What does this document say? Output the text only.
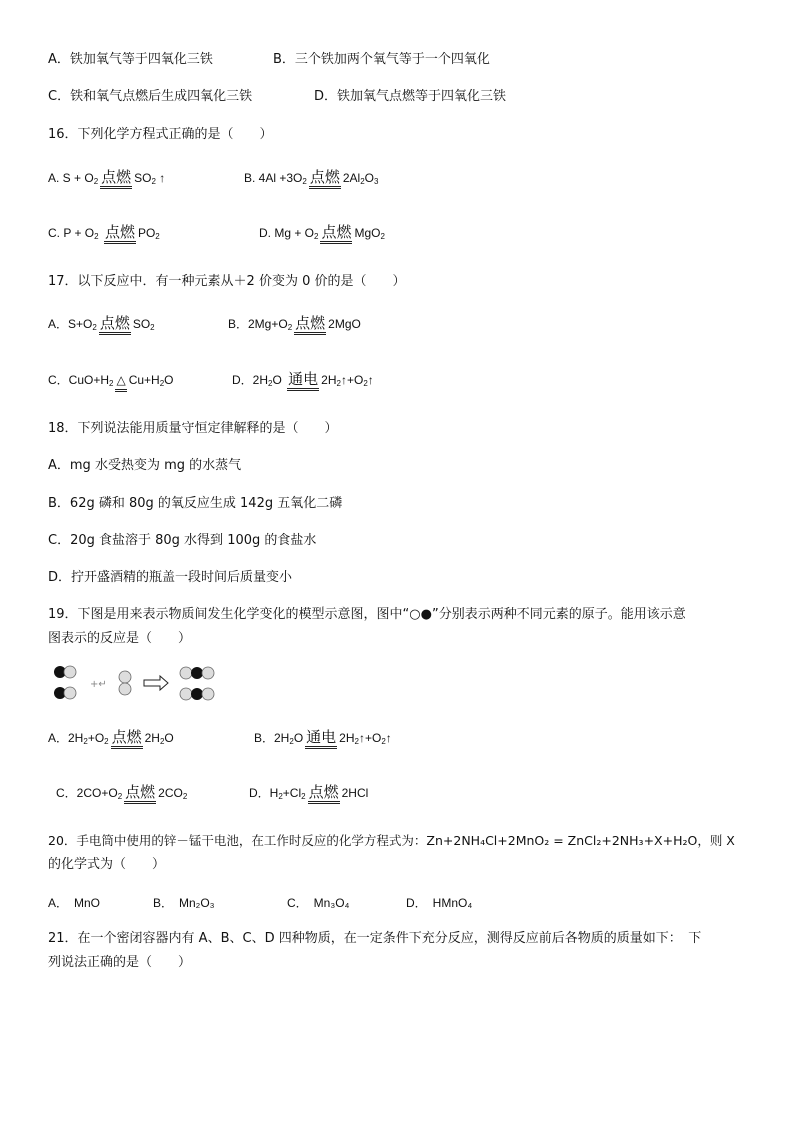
A．铁加氧气等于四氧化三铁	B．三个铁加两个氧气等于一个四氧化
C．铁和氧气点燃后生成四氧化三铁	D．铁加氧气点燃等于四氧化三铁
16．下列化学方程式正确的是（　　）
A. $S + O_2$ 点燃 $SO_2$ ↑	B. $4Al +3O_2$ 点燃 $2Al_2O_3$
C. $P + O_2$ 点燃 $PO_2$	D. $Mg + O_2$ 点燃 MgO$_2$
17．以下反应中．有一种元素从＋2 价变为 0 价的是（　　）
A．$S+O_2$ 点燃 $SO_2$	B．$2Mg+O_2$ 点燃 2MgO
C．$CuO+H_2$ △ $Cu+H_2O$	D．$2H_2O$ 通电 $2H_2↑+O_2↑$
18．下列说法能用质量守恒定律解释的是（　　）
A．mg 水受热变为 mg 的水蒸气
B．62g 磷和 80g 的氧反应生成 142g 五氧化二磷
C．20g 食盐溶于 80g 水得到 100g 的食盐水
D．拧开盛酒精的瓶盖一段时间后质量变小
19．下图是用来表示物质间发生化学变化的模型示意图，图中“○●”分别表示两种不同元素的原子。能用该示意
图表示的反应是（　　）
+↵
A．$2H_2+O_2$ 点燃 $2H_2O$	B．$2H_2O$ 通电 $2H_2↑+O_2↑$
C．$2CO+O_2$ 点燃 $2CO_2$	D．$H_2+Cl_2$ 点燃 2HCl
20．手电筒中使用的锌－锰干电池，在工作时反应的化学方程式为：Zn+2NH₄Cl+2MnO₂ = ZnCl₂+2NH₃+X+H₂O，则 X
的化学式为（　　）
A．　MnO	B．　Mn₂O₃	C．　Mn₃O₄	D．　HMnO₄
21．在一个密闭容器内有 A、B、C、D 四种物质，在一定条件下充分反应，测得反应前后各物质的质量如下：　下
列说法正确的是（　　）
